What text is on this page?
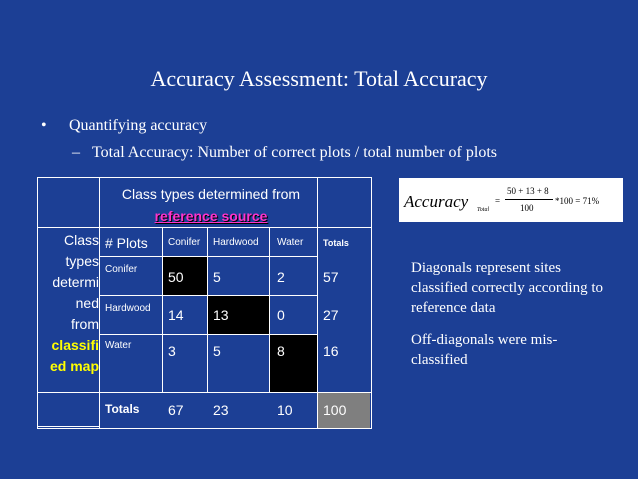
Accuracy Assessment: Total Accuracy
• Quantifying accuracy
– Total Accuracy: Number of correct plots / total number of plots
Class types determined from
reference source
Class
types
determi
ned
from
classifi
ed map
# Plots Conifer Hardwood Water Totals
Conifer 50 5	2	57
Hardwood 14 13	0	27
Water	3	5	8	16
Totals 67 23	10 100
Accuracy Total
=
50 + 13 + 8
100
*100 = 71%
Diagonals represent sites classified correctly according to reference data
Off-diagonals were mis-classified
